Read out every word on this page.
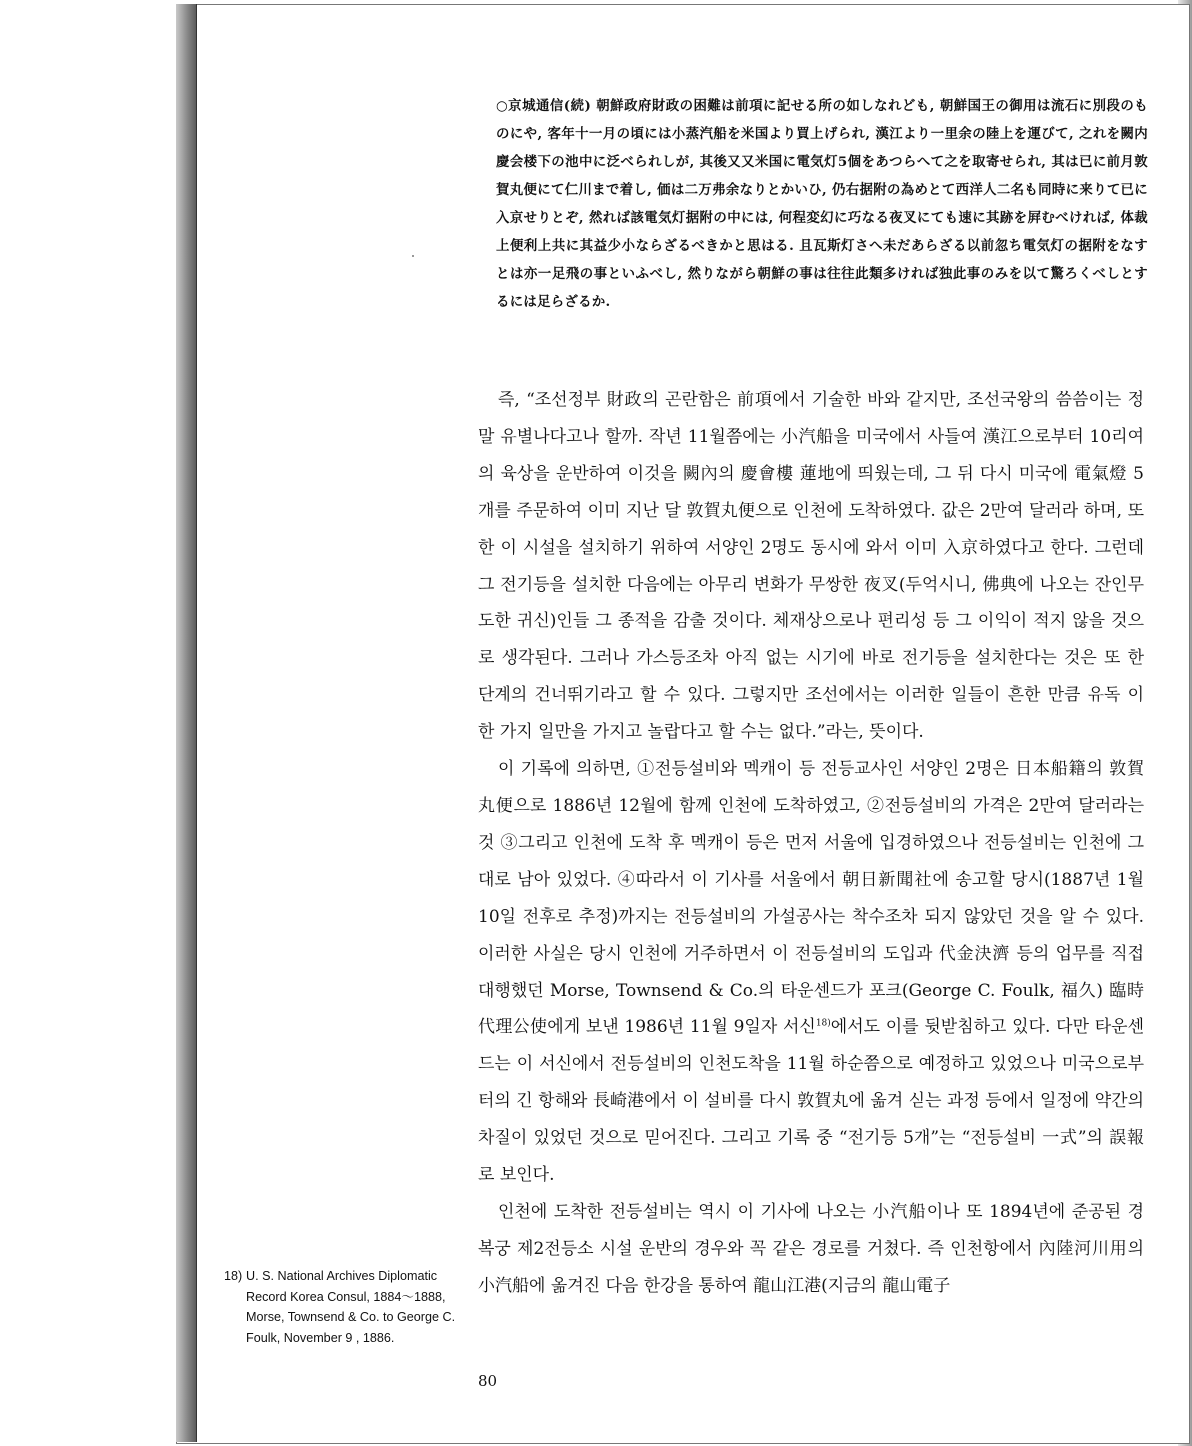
○京城通信(続) 朝鮮政府財政の困難は前項に記せる所の如しなれども, 朝鮮国王の御用は流石に別段のものにや, 客年十一月の頃には小蒸汽船を米国より買上げられ, 漢江より一里余の陸上を運びて, 之れを闕内慶会楼下の池中に泛べられしが, 其後又又米国に電気灯5個をあつらへて之を取寄せられ, 其は已に前月敦賀丸便にて仁川まで着し, 価は二万弗余なりとかいひ, 仍右据附の為めとて西洋人二名も同時に来りて已に入京せりとぞ, 然れば該電気灯据附の中には, 何程変幻に巧なる夜叉にても速に其跡を屛むべければ, 体裁上便利上共に其益少小ならざるべきかと思はる. 且瓦斯灯さへ未だあらざる以前忽ち電気灯の据附をなすとは亦一足飛の事といふべし, 然りながら朝鮮の事は往往此類多ければ独此事のみを以て驚ろくべしとするには足らざるか.

즉, “조선정부 財政의 곤란함은 前項에서 기술한 바와 같지만, 조선국왕의 씀씀이는 정말 유별나다고나 할까. 작년 11월쯤에는 小汽船을 미국에서 사들여 漢江으로부터 10리여의 육상을 운반하여 이것을 闕內의 慶會樓 蓮地에 띄웠는데, 그 뒤 다시 미국에 電氣燈 5개를 주문하여 이미 지난 달 敦賀丸便으로 인천에 도착하였다. 값은 2만여 달러라 하며, 또한 이 시설을 설치하기 위하여 서양인 2명도 동시에 와서 이미 入京하였다고 한다. 그런데 그 전기등을 설치한 다음에는 아무리 변화가 무쌍한 夜叉(두억시니, 佛典에 나오는 잔인무도한 귀신)인들 그 종적을 감출 것이다. 체재상으로나 편리성 등 그 이익이 적지 않을 것으로 생각된다. 그러나 가스등조차 아직 없는 시기에 바로 전기등을 설치한다는 것은 또 한 단계의 건너뛰기라고 할 수 있다. 그렇지만 조선에서는 이러한 일들이 흔한 만큼 유독 이 한 가지 일만을 가지고 놀랍다고 할 수는 없다.”라는, 뜻이다.

이 기록에 의하면, ①전등설비와 멕캐이 등 전등교사인 서양인 2명은 日本船籍의 敦賀丸便으로 1886년 12월에 함께 인천에 도착하였고, ②전등설비의 가격은 2만여 달러라는 것 ③그리고 인천에 도착 후 멕캐이 등은 먼저 서울에 입경하였으나 전등설비는 인천에 그대로 남아 있었다. ④따라서 이 기사를 서울에서 朝日新聞社에 송고할 당시(1887년 1월 10일 전후로 추정)까지는 전등설비의 가설공사는 착수조차 되지 않았던 것을 알 수 있다. 이러한 사실은 당시 인천에 거주하면서 이 전등설비의 도입과 代金決濟 등의 업무를 직접 대행했던 Morse, Townsend & Co.의 타운센드가 포크(George C. Foulk, 福久) 臨時代理公使에게 보낸 1986년 11월 9일자 서신$^{18)}$에서도 이를 뒷받침하고 있다. 다만 타운센드는 이 서신에서 전등설비의 인천도착을 11월 하순쯤으로 예정하고 있었으나 미국으로부터의 긴 항해와 長崎港에서 이 설비를 다시 敦賀丸에 옮겨 싣는 과정 등에서 일정에 약간의 차질이 있었던 것으로 믿어진다. 그리고 기록 중 “전기등 5개”는 “전등설비 一式”의 誤報로 보인다.

인천에 도착한 전등설비는 역시 이 기사에 나오는 小汽船이나 또 1894년에 준공된 경복궁 제2전등소 시설 운반의 경우와 꼭 같은 경로를 거쳤다. 즉 인천항에서 內陸河川用의 小汽船에 옮겨진 다음 한강을 통하여 龍山江港(지금의 龍山電子

18) U. S. National Archives Diplomatic Record Korea Consul, 1884～1888, Morse, Townsend & Co. to George C. Foulk, November 9 , 1886.
80
